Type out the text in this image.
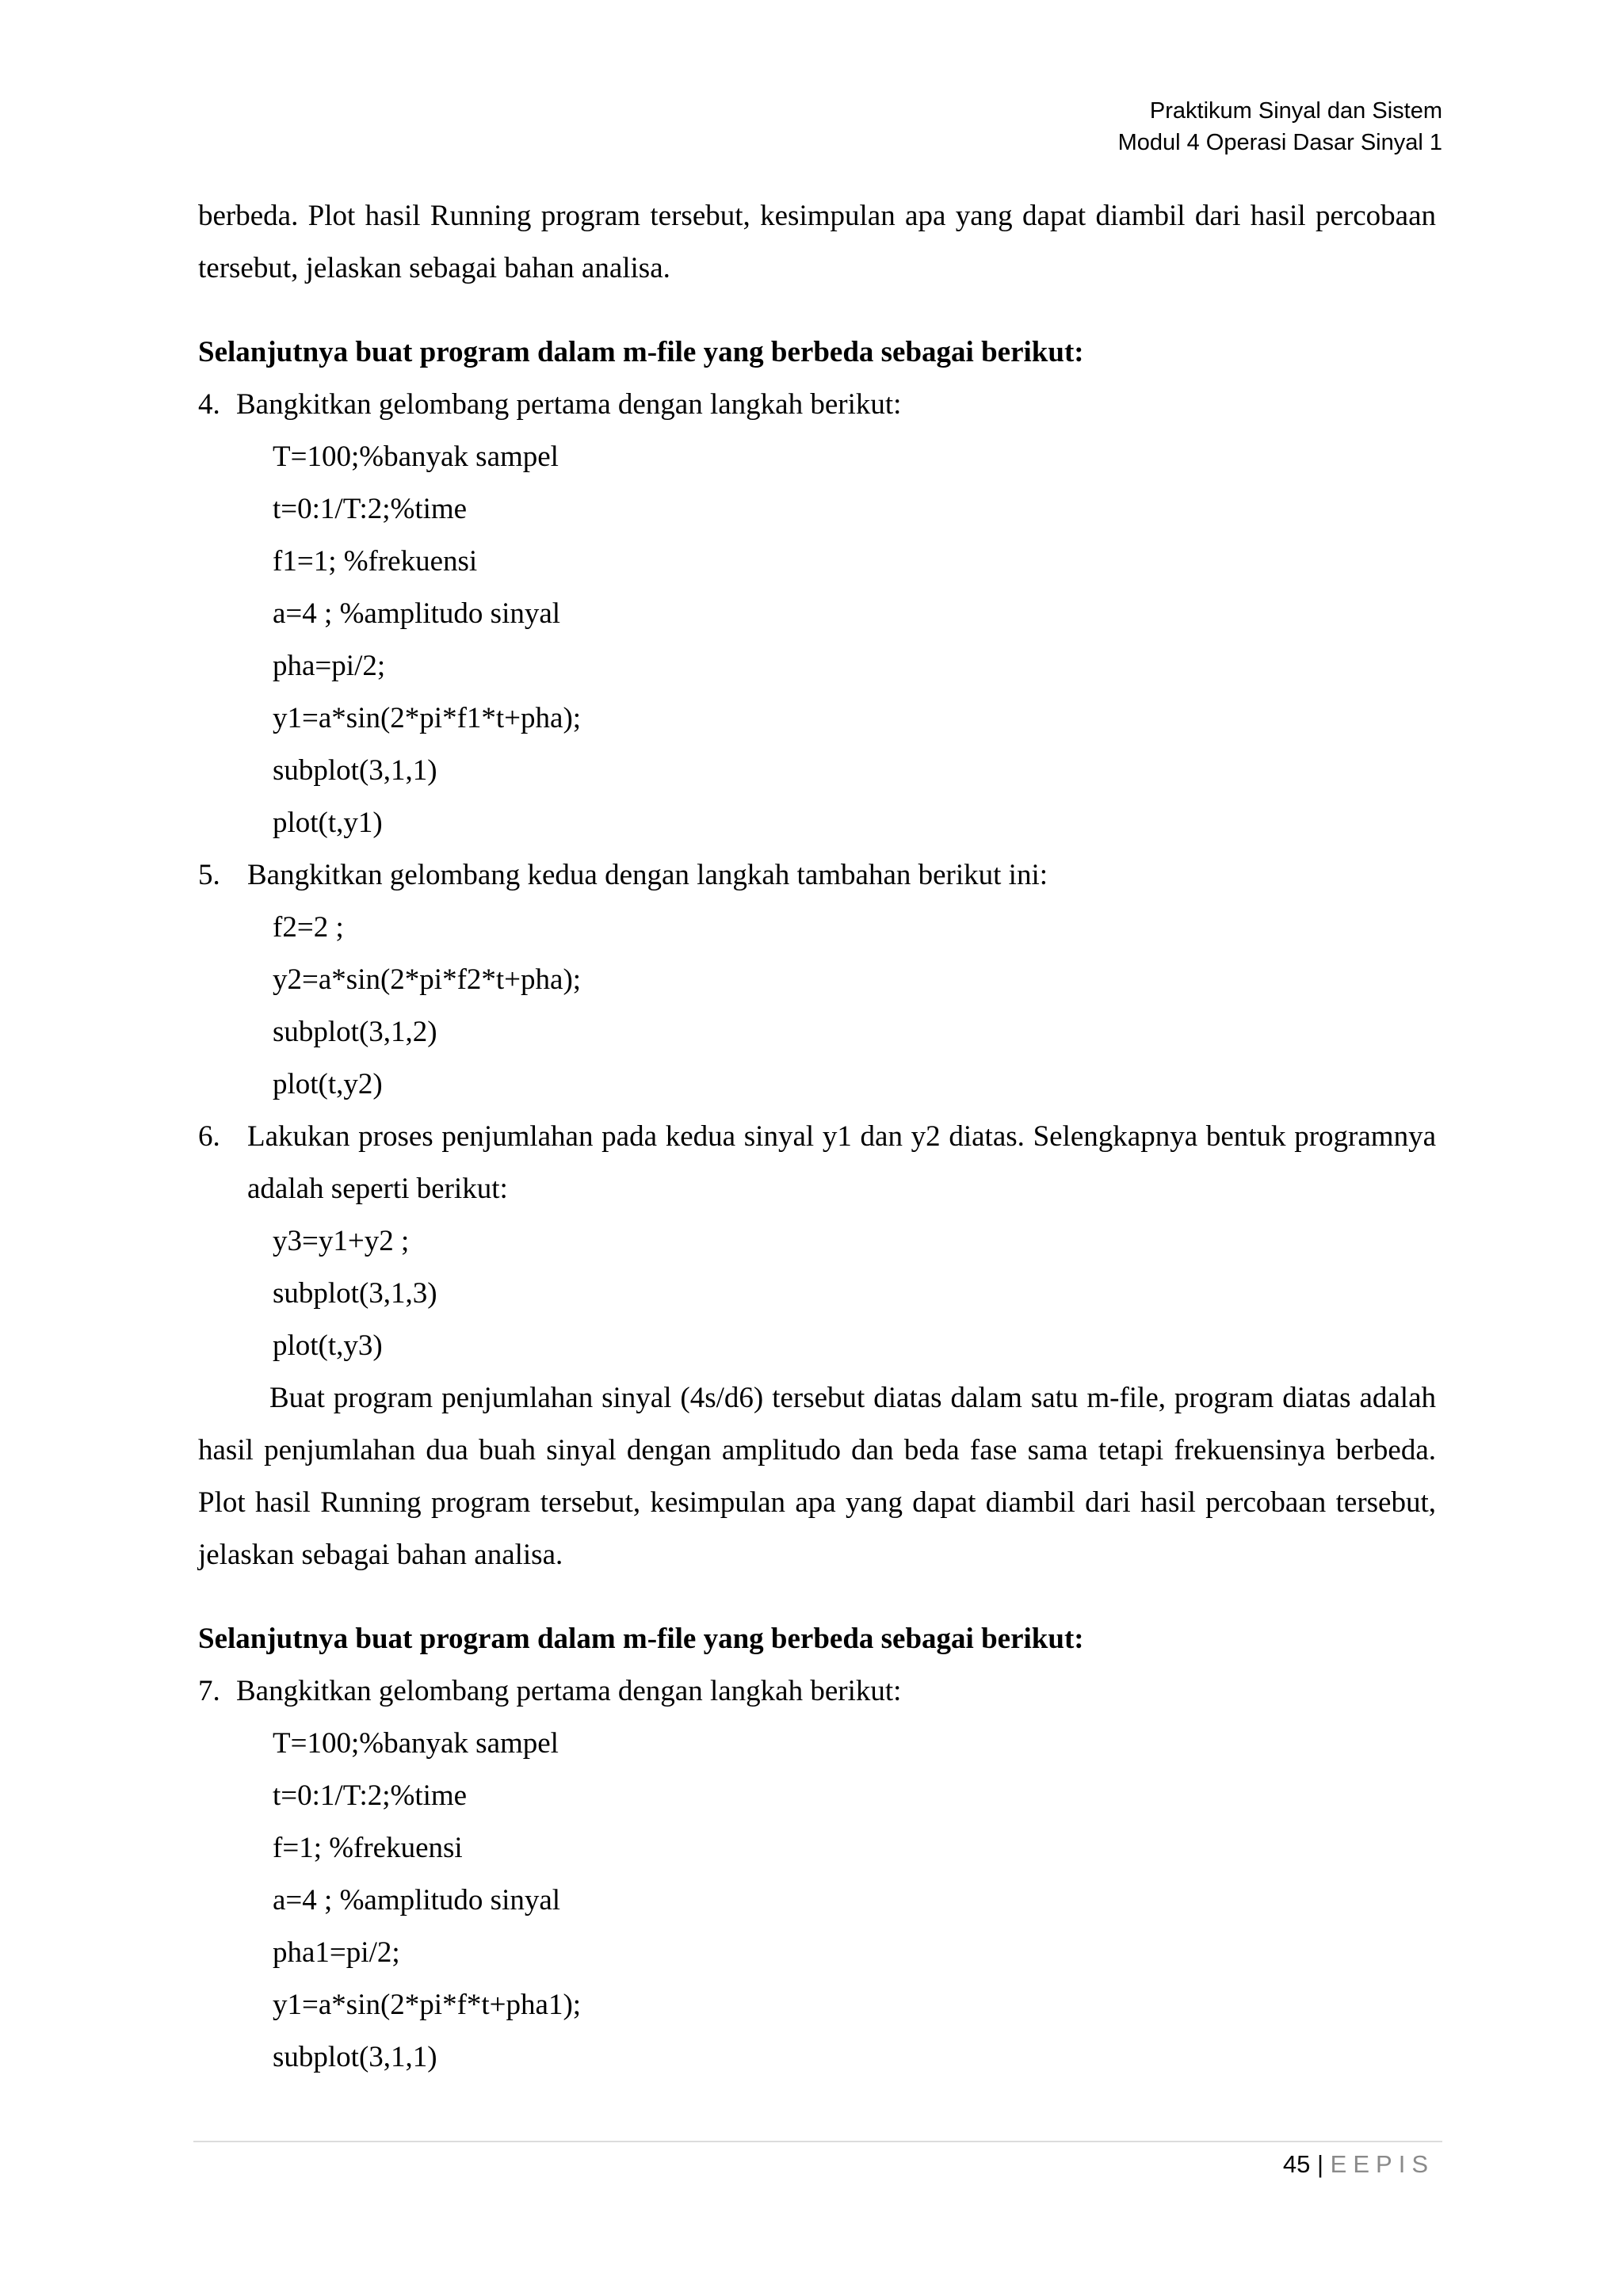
Praktikum Sinyal dan Sistem
Modul 4 Operasi Dasar Sinyal 1

berbeda. Plot hasil Running program tersebut, kesimpulan apa yang dapat diambil dari hasil percobaan tersebut, jelaskan sebagai bahan analisa.

Selanjutnya buat program dalam m-file yang berbeda sebagai berikut:

4. Bangkitkan gelombang pertama dengan langkah berikut:

T=100;%banyak sampel
t=0:1/T:2;%time
f1=1; %frekuensi
a=4 ; %amplitudo sinyal
pha=pi/2;
y1=a*sin(2*pi*f1*t+pha);
subplot(3,1,1)
plot(t,y1)

5. Bangkitkan gelombang kedua dengan langkah tambahan berikut ini:

f2=2 ;
y2=a*sin(2*pi*f2*t+pha);
subplot(3,1,2)
plot(t,y2)
6. Lakukan proses penjumlahan pada kedua sinyal y1 dan y2 diatas. Selengkapnya bentuk programnya adalah seperti berikut:
y3=y1+y2 ;
subplot(3,1,3)
plot(t,y3)

Buat program penjumlahan sinyal (4s/d6) tersebut diatas dalam satu m-file, program diatas adalah hasil penjumlahan dua buah sinyal dengan amplitudo dan beda fase sama tetapi frekuensinya berbeda. Plot hasil Running program tersebut, kesimpulan apa yang dapat diambil dari hasil percobaan tersebut, jelaskan sebagai bahan analisa.

Selanjutnya buat program dalam m-file yang berbeda sebagai berikut:

7. Bangkitkan gelombang pertama dengan langkah berikut:

T=100;%banyak sampel
t=0:1/T:2;%time
f=1; %frekuensi
a=4 ; %amplitudo sinyal
pha1=pi/2;
y1=a*sin(2*pi*f*t+pha1);
subplot(3,1,1)
45 | EEPIS
